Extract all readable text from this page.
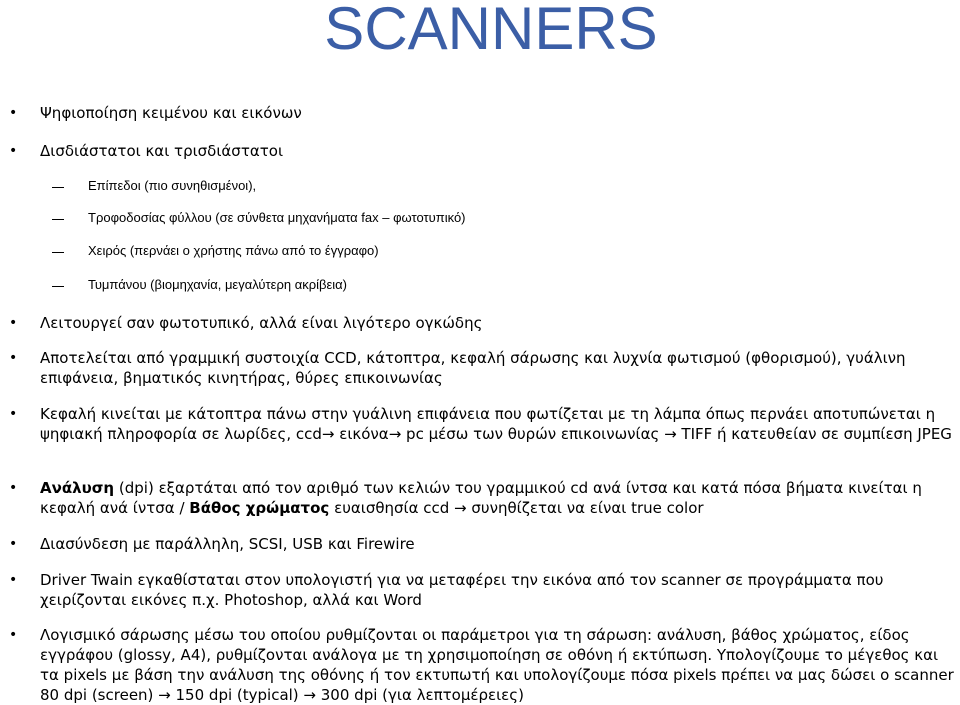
SCANNERS
• Ψηφιοποίηση κειμένου και εικόνων
• Δισδιάστατοι και τρισδιάστατοι
Επίπεδοι (πιο συνηθισμένοι),
Τροφοδοσίας φύλλου (σε σύνθετα μηχανήματα fax – φωτοτυπικό)
Χειρός (περνάει ο χρήστης πάνω από το έγγραφο)
Τυμπάνου (βιομηχανία, μεγαλύτερη ακρίβεια)
• Λειτουργεί σαν φωτοτυπικό, αλλά είναι λιγότερο ογκώδης
• Αποτελείται από γραμμική συστοιχία CCD, κάτοπτρα, κεφαλή σάρωσης και λυχνία φωτισμού (φθορισμού), γυάλινη επιφάνεια, βηματικός κινητήρας, θύρες επικοινωνίας
• Κεφαλή κινείται με κάτοπτρα πάνω στην γυάλινη επιφάνεια που φωτίζεται με τη λάμπα όπως περνάει αποτυπώνεται η ψηφιακή πληροφορία σε λωρίδες, ccd→ εικόνα→ pc μέσω των θυρών επικοινωνίας → TIFF ή κατευθείαν σε συμπίεση JPEG
• Ανάλυση (dpi) εξαρτάται από τον αριθμό των κελιών του γραμμικού cd ανά ίντσα και κατά πόσα βήματα κινείται η κεφαλή ανά ίντσα / Βάθος χρώματος ευαισθησία ccd → συνηθίζεται να είναι true color
• Διασύνδεση με παράλληλη, SCSI, USB και Firewire
• Driver Twain εγκαθίσταται στον υπολογιστή για να μεταφέρει την εικόνα από τον scanner σε προγράμματα που χειρίζονται εικόνες π.χ. Photoshop, αλλά και Word
• Λογισμικό σάρωσης μέσω του οποίου ρυθμίζονται οι παράμετροι για τη σάρωση: ανάλυση, βάθος χρώματος, είδος εγγράφου (glossy, A4), ρυθμίζονται ανάλογα με τη χρησιμοποίηση σε οθόνη ή εκτύπωση. Υπολογίζουμε το μέγεθος και τα pixels με βάση την ανάλυση της οθόνης ή τον εκτυπωτή και υπολογίζουμε πόσα pixels πρέπει να μας δώσει ο scanner 80 dpi (screen) → 150 dpi (typical) → 300 dpi (για λεπτομέρειες)
